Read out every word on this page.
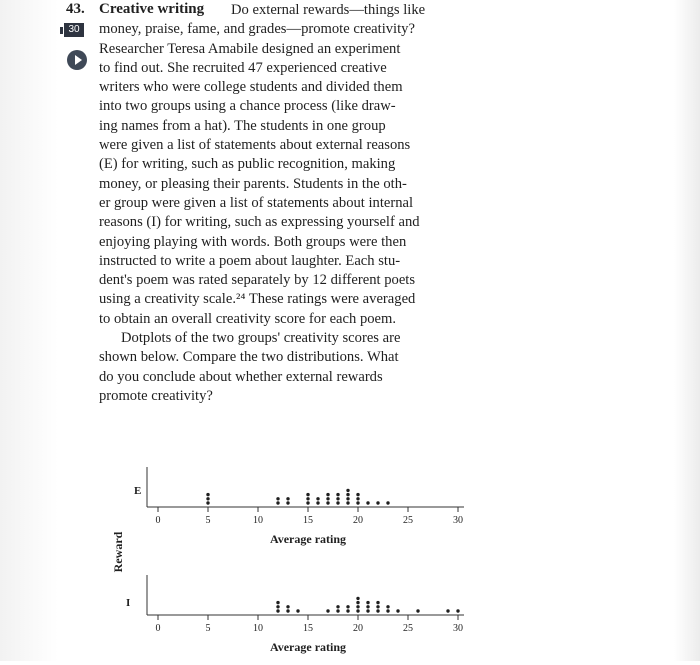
30
43. Creative writing Do external rewards—things like
money, praise, fame, and grades—promote creativity?
Researcher Teresa Amabile designed an experiment
to find out. She recruited 47 experienced creative
writers who were college students and divided them
into two groups using a chance process (like draw-
ing names from a hat). The students in one group
were given a list of statements about external reasons
(E) for writing, such as public recognition, making
money, or pleasing their parents. Students in the oth-
er group were given a list of statements about internal
reasons (I) for writing, such as expressing yourself and
enjoying playing with words. Both groups were then
instructed to write a poem about laughter. Each stu-
dent's poem was rated separately by 12 different poets
using a creativity scale.²⁴ These ratings were averaged
to obtain an overall creativity score for each poem.
Dotplots of the two groups' creativity scores are
shown below. Compare the two distributions. What
do you conclude about whether external rewards
promote creativity?
Reward
E
0	5	10	15	20	25	30
Average rating
I
0	5	10	15	20	25	30
Average rating
